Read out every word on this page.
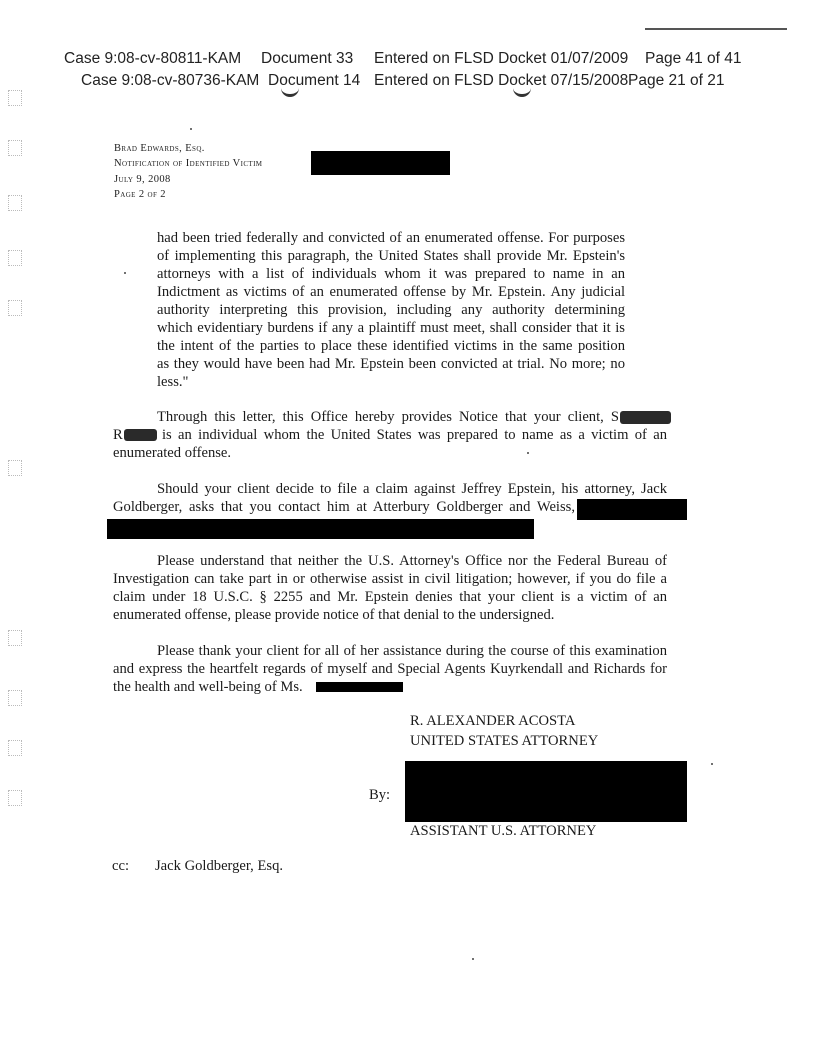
Case 9:08-cv-80811-KAM Document 33 Entered on FLSD Docket 01/07/2009 Page 41 of 41
Case 9:08-cv-80736-KAM Document 14 Entered on FLSD Docket 07/15/2008 Page 21 of 21
Brad Edwards, Esq.
Notification of Identified Victim
July 9, 2008
Page 2 of 2
had been tried federally and convicted of an enumerated offense. For purposes
of implementing this paragraph, the United States shall provide Mr. Epstein's
attorneys with a list of individuals whom it was prepared to name in an
Indictment as victims of an enumerated offense by Mr. Epstein. Any judicial
authority interpreting this provision, including any authority determining
which evidentiary burdens if any a plaintiff must meet, shall consider that it is
the intent of the parties to place these identified victims in the same position
as they would have been had Mr. Epstein been convicted at trial. No more; no
less."
Through this letter, this Office hereby provides Notice that your client, S
R	is an individual whom the United States was prepared to name as a victim of an
enumerated offense.
Should your client decide to file a claim against Jeffrey Epstein, his attorney, Jack
Goldberger, asks that you contact him at Atterbury Goldberger and Weiss,
Please understand that neither the U.S. Attorney's Office nor the Federal Bureau of
Investigation can take part in or otherwise assist in civil litigation; however, if you do file a
claim under 18 U.S.C. § 2255 and Mr. Epstein denies that your client is a victim of an
enumerated offense, please provide notice of that denial to the undersigned.
Please thank your client for all of her assistance during the course of this examination
and express the heartfelt regards of myself and Special Agents Kuyrkendall and Richards for
the health and well-being of Ms.
R. ALEXANDER ACOSTA
UNITED STATES ATTORNEY
By:
ASSISTANT U.S. ATTORNEY
cc: Jack Goldberger, Esq.
